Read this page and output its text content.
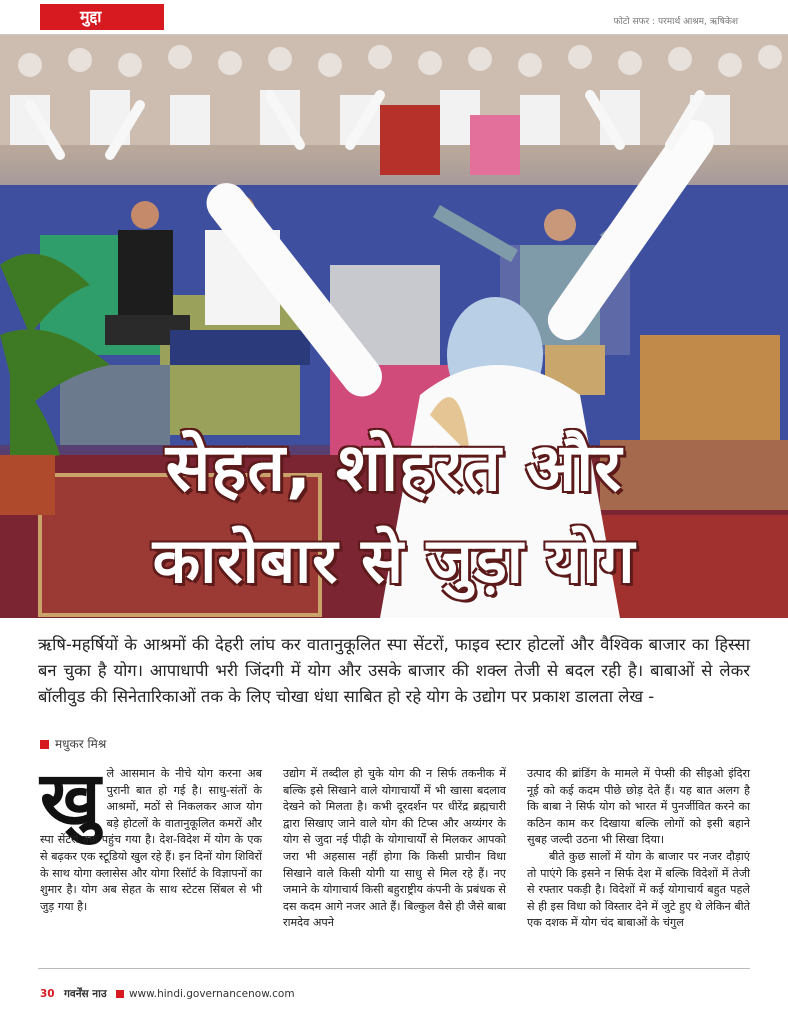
मुद्दा	फोटो सफर : परमार्थ आश्रम, ऋषिकेश
सेहत, शोहरत और
कारोबार से जुड़ा योग
ऋषि-महर्षियों के आश्रमों की देहरी लांघ कर वातानुकूलित स्पा सेंटरों, फाइव स्टार होटलों और वैश्विक बाजार का हिस्सा बन चुका है योग। आपाधापी भरी जिंदगी में योग और उसके बाजार की शक्ल तेजी से बदल रही है। बाबाओं से लेकर बॉलीवुड की सिनेतारिकाओं तक के लिए चोखा धंधा साबित हो रहे योग के उद्योग पर प्रकाश डालता लेख -
मधुकर मिश्र
खुले आसमान के नीचे योग करना अब पुरानी बात हो गई है। साधु-संतों के आश्रमों, मठों से निकलकर आज योग बड़े होटलों के वातानुकूलित कमरों और स्पा सेंटरों तक पहुंच गया है। देश-विदेश में योग के एक से बढ़कर एक स्टूडियो खुल रहे हैं। इन दिनों योग शिविरों के साथ योगा क्लासेस और योगा रिसॉर्ट के विज्ञापनों का शुमार है। योग अब सेहत के साथ स्टेटस सिंबल से भी जुड़ गया है।
उद्योग में तब्दील हो चुके योग की न सिर्फ तकनीक में बल्कि इसे सिखाने वाले योगाचार्यों में भी खासा बदलाव देखने को मिलता है। कभी दूरदर्शन पर धीरेंद्र ब्रह्मचारी द्वारा सिखाए जाने वाले योग की टिप्स और अय्यंगर के योग से जुदा नई पीढ़ी के योगाचार्यों से मिलकर आपको जरा भी अहसास नहीं होगा कि किसी प्राचीन विधा सिखाने वाले किसी योगी या साधु से मिल रहे हैं। नए जमाने के योगाचार्य किसी बहुराष्ट्रीय कंपनी के प्रबंधक से दस कदम आगे नजर आते हैं। बिल्कुल वैसे ही जैसे बाबा रामदेव अपने
उत्पाद की ब्रांडिंग के मामले में पेप्सी की सीइओ इंदिरा नूई को कई कदम पीछे छोड़ देते हैं। यह बात अलग है कि बाबा ने सिर्फ योग को भारत में पुनर्जीवित करने का कठिन काम कर दिखाया बल्कि लोगों को इसी बहाने सुबह जल्दी उठना भी सिखा दिया।
बीते कुछ सालों में योग के बाजार पर नजर दौड़ाएं तो पाएंगे कि इसने न सिर्फ देश में बल्कि विदेशों में तेजी से रफ्तार पकड़ी है। विदेशों में कई योगाचार्य बहुत पहले से ही इस विधा को विस्तार देने में जुटे हुए थे लेकिन बीते एक दशक में योग चंद बाबाओं के चंगुल
30 गवर्नेंस नाउ www.hindi.governancenow.com
